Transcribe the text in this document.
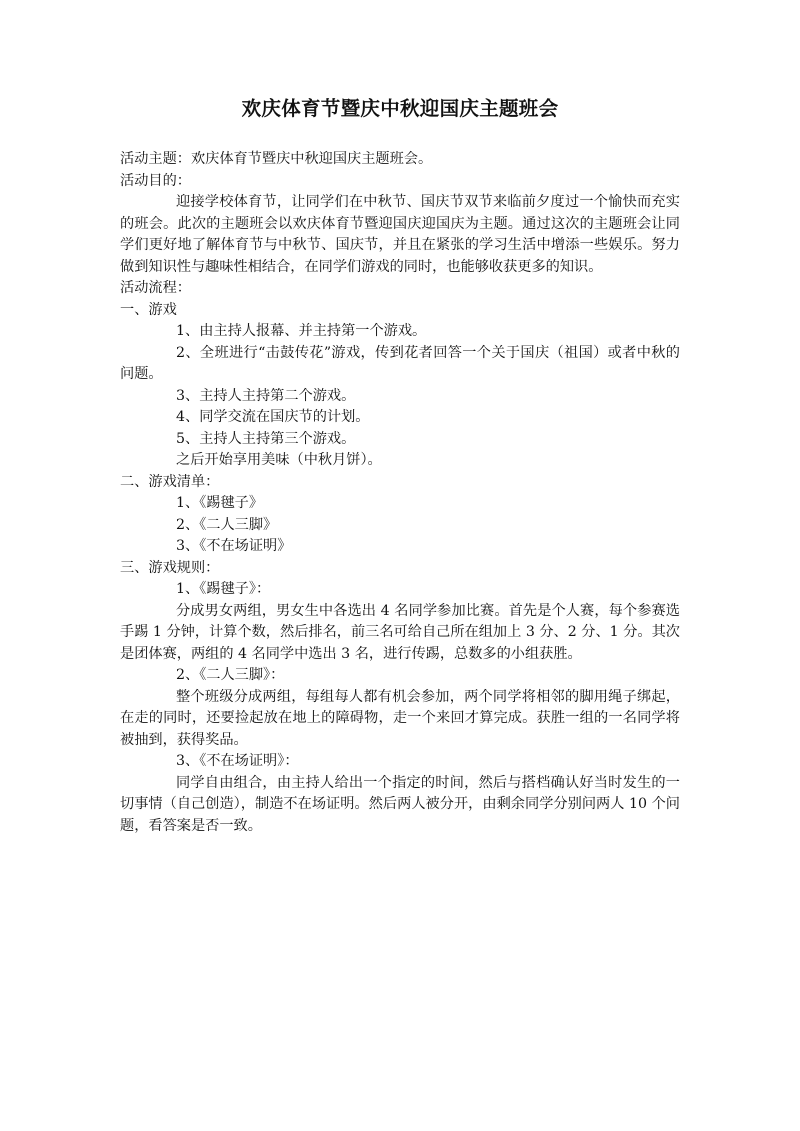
欢庆体育节暨庆中秋迎国庆主题班会

活动主题：欢庆体育节暨庆中秋迎国庆主题班会。

活动目的：

迎接学校体育节，让同学们在中秋节、国庆节双节来临前夕度过一个愉快而充实的班会。此次的主题班会以欢庆体育节暨迎国庆迎国庆为主题。通过这次的主题班会让同学们更好地了解体育节与中秋节、国庆节，并且在紧张的学习生活中增添一些娱乐。努力做到知识性与趣味性相结合，在同学们游戏的同时，也能够收获更多的知识。

活动流程：

一、游戏

1、由主持人报幕、并主持第一个游戏。

2、全班进行“击鼓传花”游戏，传到花者回答一个关于国庆（祖国）或者中秋的问题。

3、主持人主持第二个游戏。

4、同学交流在国庆节的计划。

5、主持人主持第三个游戏。

之后开始享用美味（中秋月饼）。

二、游戏清单：

1、《踢毽子》

2、《二人三脚》

3、《不在场证明》

三、游戏规则：

1、《踢毽子》：

分成男女两组，男女生中各选出 4 名同学参加比赛。首先是个人赛，每个参赛选手踢 1 分钟，计算个数，然后排名，前三名可给自己所在组加上 3 分、2 分、1 分。其次是团体赛，两组的 4 名同学中选出 3 名，进行传踢，总数多的小组获胜。

2、《二人三脚》：

整个班级分成两组，每组每人都有机会参加，两个同学将相邻的脚用绳子绑起，在走的同时，还要捡起放在地上的障碍物，走一个来回才算完成。获胜一组的一名同学将被抽到，获得奖品。

3、《不在场证明》：

同学自由组合，由主持人给出一个指定的时间，然后与搭档确认好当时发生的一切事情（自己创造），制造不在场证明。然后两人被分开，由剩余同学分别问两人 10 个问题，看答案是否一致。
